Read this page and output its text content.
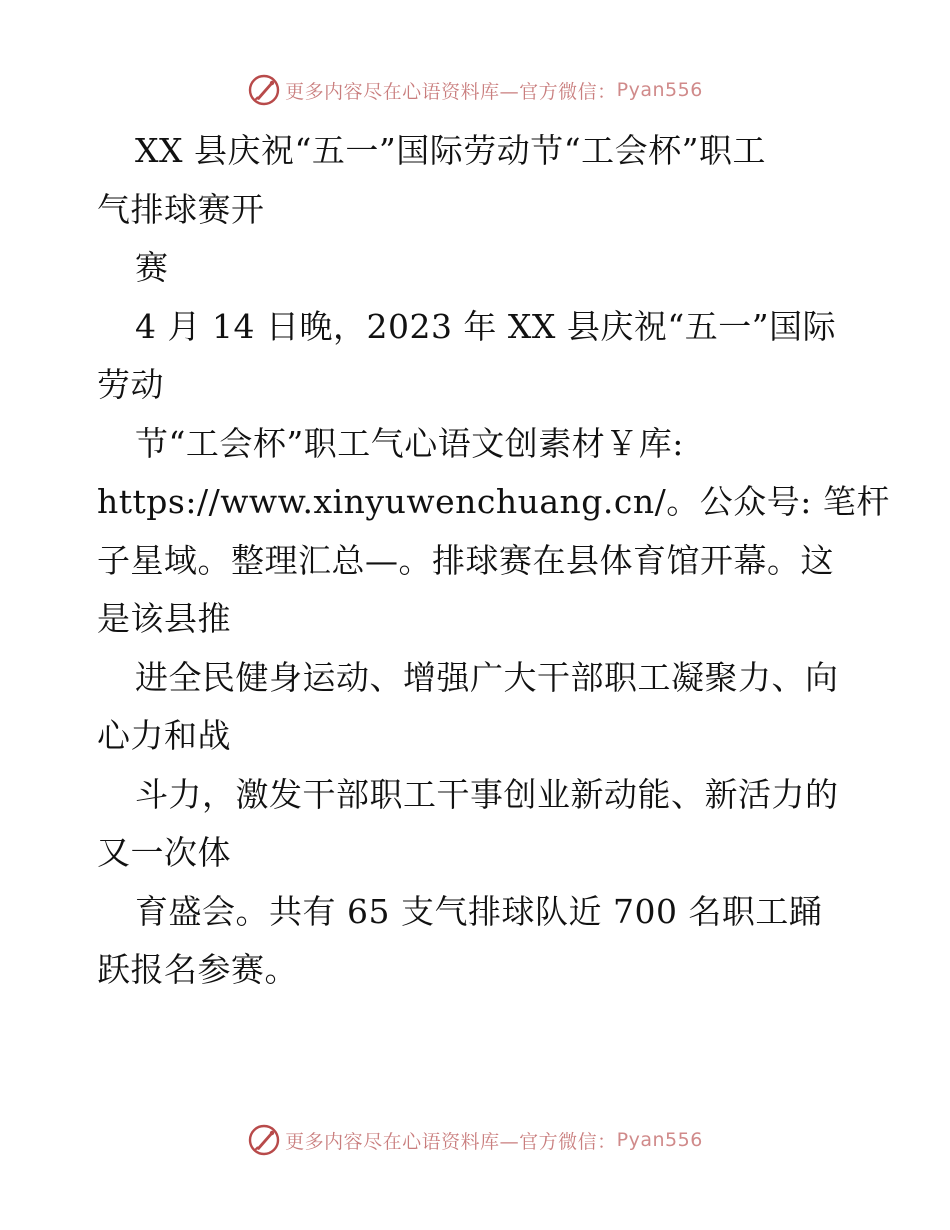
更多内容尽在心语资料库—官方微信： Pyan556
XX 县庆祝“五一”国际劳动节“工会杯”职工
气排球赛开
赛
4 月 14 日晚，2023 年 XX 县庆祝“五一”国际
劳动
节“工会杯”职工气心语文创素材￥库:
https://www.xinyuwenchuang.cn/。公众号: 笔杆
子星域。整理汇总—。排球赛在县体育馆开幕。这
是该县推
进全民健身运动、增强广大干部职工凝聚力、向
心力和战
斗力，激发干部职工干事创业新动能、新活力的
又一次体
育盛会。共有 65 支气排球队近 700 名职工踊
跃报名参赛。
更多内容尽在心语资料库—官方微信： Pyan556
